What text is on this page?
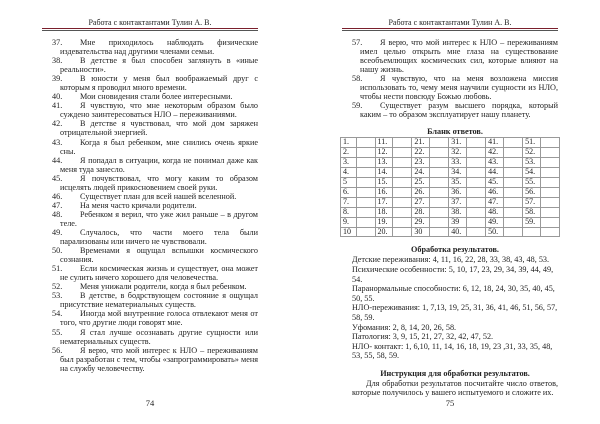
Работа с контактантами Тулин А. В.

37. Мне приходилось наблюдать физические издевательства над другими членами семьи.

38. В детстве я был способен заглянуть в «иные реальности».

39. В юности у меня был воображаемый друг с которым я проводил много времени.

40. Мои сновидения стали более интересными.

41. Я чувствую, что мне некоторым образом было суждено заинтересоваться НЛО – переживаниями.

42. В детстве я чувствовал, что мой дом заряжен отрицательной энергией.

43. Когда я был ребенком, мне снились очень яркие сны.

44. Я попадал в ситуации, когда не понимал даже как меня туда занесло.

45. Я почувствовал, что могу каким то образом исцелять людей прикосновением своей руки.

46. Существует план для всей нашей вселенной.

47. На меня часто кричали родители.

48. Ребенком я верил, что уже жил раньше – в другом теле.

49. Случалось, что части моего тела были парализованы или ничего не чувствовали.

50. Временами я ощущал вспышки космического сознания.

51. Если космическая жизнь и существует, она может не сулить ничего хорошего для человечества.

52. Меня унижали родители, когда я был ребенком.

53. В детстве, в бодрствующем состояние я ощущал присутствие нематериальных существ.

54. Иногда мой внутренние голоса отвлекают меня от того, что другие люди говорят мне.

55. Я стал лучше осознавать другие сущности или нематериальных существ.

56. Я верю, что мой интерес к НЛО – переживаниям был разработан с тем, чтобы «запрограммировать» меня на службу человечеству.

74
Работа с контактантами Тулин А. В.

57. Я верю, что мой интерес к НЛО – переживаниям имел целью открыть мне глаза на существование всеобъемлющих космических сил, которые влияют на нашу жизнь.

58. Я чувствую, что на меня возложена миссия использовать то, чему меня научили сущности из НЛО, чтобы нести повсюду Божью любовь.

59. Существует разум высшего порядка, который каким – то образом эксплуатирует нашу планету.

Бланк ответов.
1.		11.		21.		31.		41.		51.	
2.		12.		22.		32.		42.		52.	
3.		13.		23.		33.		43.		53.	
4.		14.		24.		34.		44.		54.	
5		15.		25.		35.		45.		55.	
6.		16.		26.		36.		46.		56.	
7.		17.		27.		37.		47.		57.	
8.		18.		28.		38.		48.		58.	
9.		19.		29.		39		49.		59.	
10		20.		30		40.		50.			
Обработка результатов.

Детские переживания: 4, 11, 16, 22, 28, 33, 38, 43, 48, 53.

Психические особенности: 5, 10, 17, 23, 29, 34, 39, 44, 49, 54.

Паранормальные способности: 6, 12, 18, 24, 30, 35, 40, 45, 50, 55.

НЛО-переживания: 1, 7,13, 19, 25, 31, 36, 41, 46, 51, 56, 57, 58, 59.

Уфомания: 2, 8, 14, 20, 26, 58.

Патология: 3, 9, 15, 21, 27, 32, 42, 47, 52.

НЛО- контакт: 1, 6,10, 11, 14, 16, 18, 19, 23 ,31, 33, 35, 48, 53, 55, 58, 59.

Инструкция для обработки результатов.

Для обработки результатов посчитайте число ответов, которые получилось у вашего испытуемого и сложите их.

75
